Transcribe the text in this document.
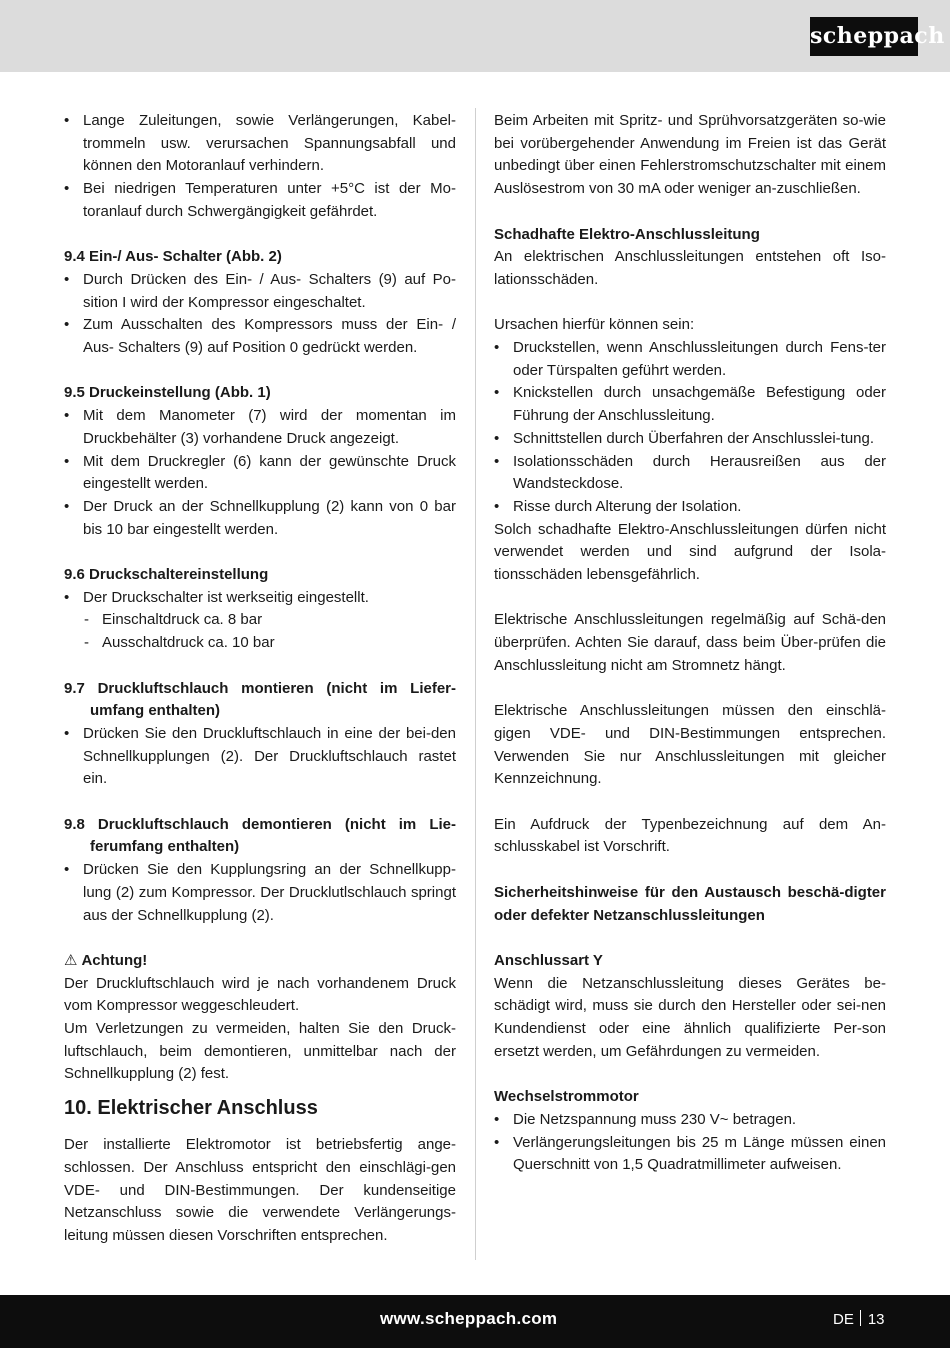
scheppach

• Lange Zuleitungen, sowie Verlängerungen, Kabel-trommeln usw. verursachen Spannungsabfall und können den Motoranlauf verhindern.

• Bei niedrigen Temperaturen unter +5°C ist der Mo-toranlauf durch Schwergängigkeit gefährdet.

9.4 Ein-/ Aus- Schalter (Abb. 2)

• Durch Drücken des Ein- / Aus- Schalters (9) auf Po-sition I wird der Kompressor eingeschaltet.

• Zum Ausschalten des Kompressors muss der Ein- / Aus- Schalters (9) auf Position 0 gedrückt werden.

9.5 Druckeinstellung (Abb. 1)

• Mit dem Manometer (7) wird der momentan im Druckbehälter (3) vorhandene Druck angezeigt.

• Mit dem Druckregler (6) kann der gewünschte Druck eingestellt werden.

• Der Druck an der Schnellkupplung (2) kann von 0 bar bis 10 bar eingestellt werden.

9.6 Druckschaltereinstellung

• Der Druckschalter ist werkseitig eingestellt.

- Einschaltdruck ca. 8 bar

- Ausschaltdruck ca. 10 bar

9.7 Druckluftschlauch montieren (nicht im Liefer-umfang enthalten)

• Drücken Sie den Druckluftschlauch in eine der bei-den Schnellkupplungen (2). Der Druckluftschlauch rastet ein.

9.8 Druckluftschlauch demontieren (nicht im Lie-ferumfang enthalten)

• Drücken Sie den Kupplungsring an der Schnellkupp-lung (2) zum Kompressor. Der Drucklutlschlauch springt aus der Schnellkupplung (2).

⚠ Achtung!

Der Druckluftschlauch wird je nach vorhandenem Druck vom Kompressor weggeschleudert.

Um Verletzungen zu vermeiden, halten Sie den Druck-luftschlauch, beim demontieren, unmittelbar nach der Schnellkupplung (2) fest.

10. Elektrischer Anschluss

Der installierte Elektromotor ist betriebsfertig ange-schlossen. Der Anschluss entspricht den einschlägi-gen VDE- und DIN-Bestimmungen. Der kundenseitige Netzanschluss sowie die verwendete Verlängerungs-leitung müssen diesen Vorschriften entsprechen.

Beim Arbeiten mit Spritz- und Sprühvorsatzgeräten so-wie bei vorübergehender Anwendung im Freien ist das Gerät unbedingt über einen Fehlerstromschutzschalter mit einem Auslösestrom von 30 mA oder weniger an-zuschließen.

Schadhafte Elektro-Anschlussleitung

An elektrischen Anschlussleitungen entstehen oft Iso-lationsschäden.

Ursachen hierfür können sein:

• Druckstellen, wenn Anschlussleitungen durch Fens-ter oder Türspalten geführt werden.

• Knickstellen durch unsachgemäße Befestigung oder Führung der Anschlussleitung.

• Schnittstellen durch Überfahren der Anschlusslei-tung.

• Isolationsschäden durch Herausreißen aus der Wandsteckdose.

• Risse durch Alterung der Isolation.

Solch schadhafte Elektro-Anschlussleitungen dürfen nicht verwendet werden und sind aufgrund der Isola-tionsschäden lebensgefährlich.

Elektrische Anschlussleitungen regelmäßig auf Schä-den überprüfen. Achten Sie darauf, dass beim Über-prüfen die Anschlussleitung nicht am Stromnetz hängt.

Elektrische Anschlussleitungen müssen den einschlä-gigen VDE- und DIN-Bestimmungen entsprechen. Verwenden Sie nur Anschlussleitungen mit gleicher Kennzeichnung.

Ein Aufdruck der Typenbezeichnung auf dem An-schlusskabel ist Vorschrift.

Sicherheitshinweise für den Austausch beschä-digter oder defekter Netzanschlussleitungen

Anschlussart Y

Wenn die Netzanschlussleitung dieses Gerätes be-schädigt wird, muss sie durch den Hersteller oder sei-nen Kundendienst oder eine ähnlich qualifizierte Per-son ersetzt werden, um Gefährdungen zu vermeiden.

Wechselstrommotor

• Die Netzspannung muss 230 V~ betragen.

• Verlängerungsleitungen bis 25 m Länge müssen einen Querschnitt von 1,5 Quadratmillimeter aufweisen.

www.scheppach.com	DE 13
